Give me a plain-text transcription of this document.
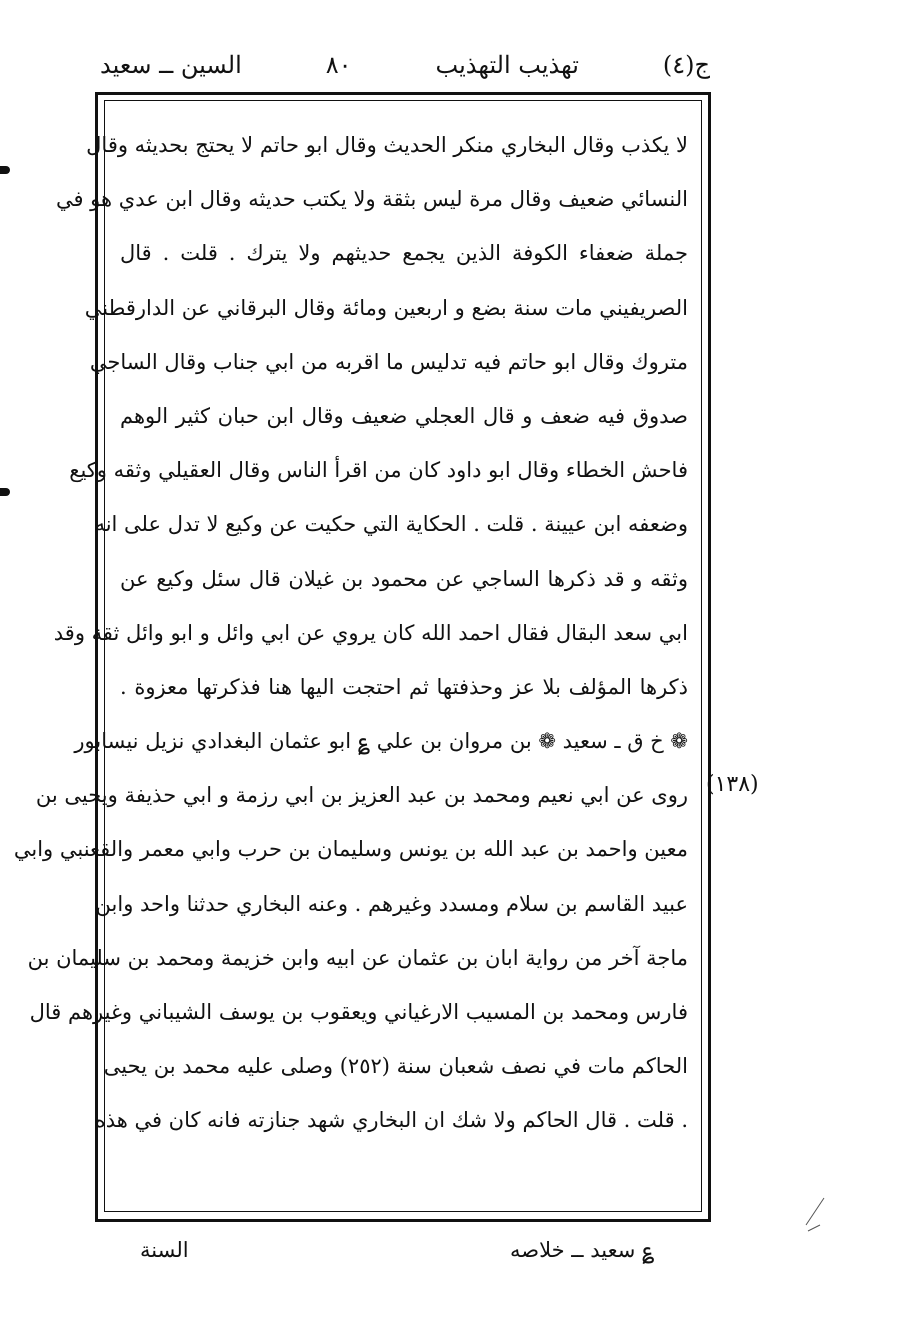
ج(٤)
تهذيب التهذيب
٨٠
السين ــ سعيد
لا يكذب وقال البخاري منكر الحديث وقال ابو حاتم لا يحتج بحديثه وقال
النسائي ضعيف وقال مرة ليس بثقة ولا يكتب حديثه وقال ابن عدي هو في
جملة ضعفاء الكوفة الذين يجمع حديثهم ولا يترك . قلت . قال
الصريفيني مات سنة بضع و اربعين ومائة وقال البرقاني عن الدارقطني
متروك وقال ابو حاتم فيه تدليس ما اقربه من ابي جناب وقال الساجي
صدوق فيه ضعف و قال العجلي ضعيف وقال ابن حبان كثير الوهم
فاحش الخطاء وقال ابو داود كان من اقرأ الناس وقال العقيلي وثقه وكيع
وضعفه ابن عيينة . قلت . الحكاية التي حكيت عن وكيع لا تدل على انه
وثقه و قد ذكرها الساجي عن محمود بن غيلان قال سئل وكيع عن
ابي سعد البقال فقال احمد الله كان يروي عن ابي وائل و ابو وائل ثقة وقد
ذكرها المؤلف بلا عز وحذفتها ثم احتجت اليها هنا فذكرتها معزوة .
❁ خ ق ـ سعيد ❁ بن مروان بن علي ؏ ابو عثمان البغدادي نزيل نيسابور
روى عن ابي نعيم ومحمد بن عبد العزيز بن ابي رزمة و ابي حذيفة ويحيى بن
معين واحمد بن عبد الله بن يونس وسليمان بن حرب وابي معمر والقعنبي وابي
عبيد القاسم بن سلام ومسدد وغيرهم . وعنه البخاري حدثنا واحد وابن
ماجة آخر من رواية ابان بن عثمان عن ابيه وابن خزيمة ومحمد بن سليمان بن
فارس ومحمد بن المسيب الارغياني ويعقوب بن يوسف الشيباني وغيرهم قال
الحاكم مات في نصف شعبان سنة (٢٥٢) وصلى عليه محمد بن يحيى
. قلت . قال الحاكم ولا شك ان البخاري شهد جنازته فانه كان في هذه
(١٣٨)
السنة	؏ سعيد ــ خلاصه
